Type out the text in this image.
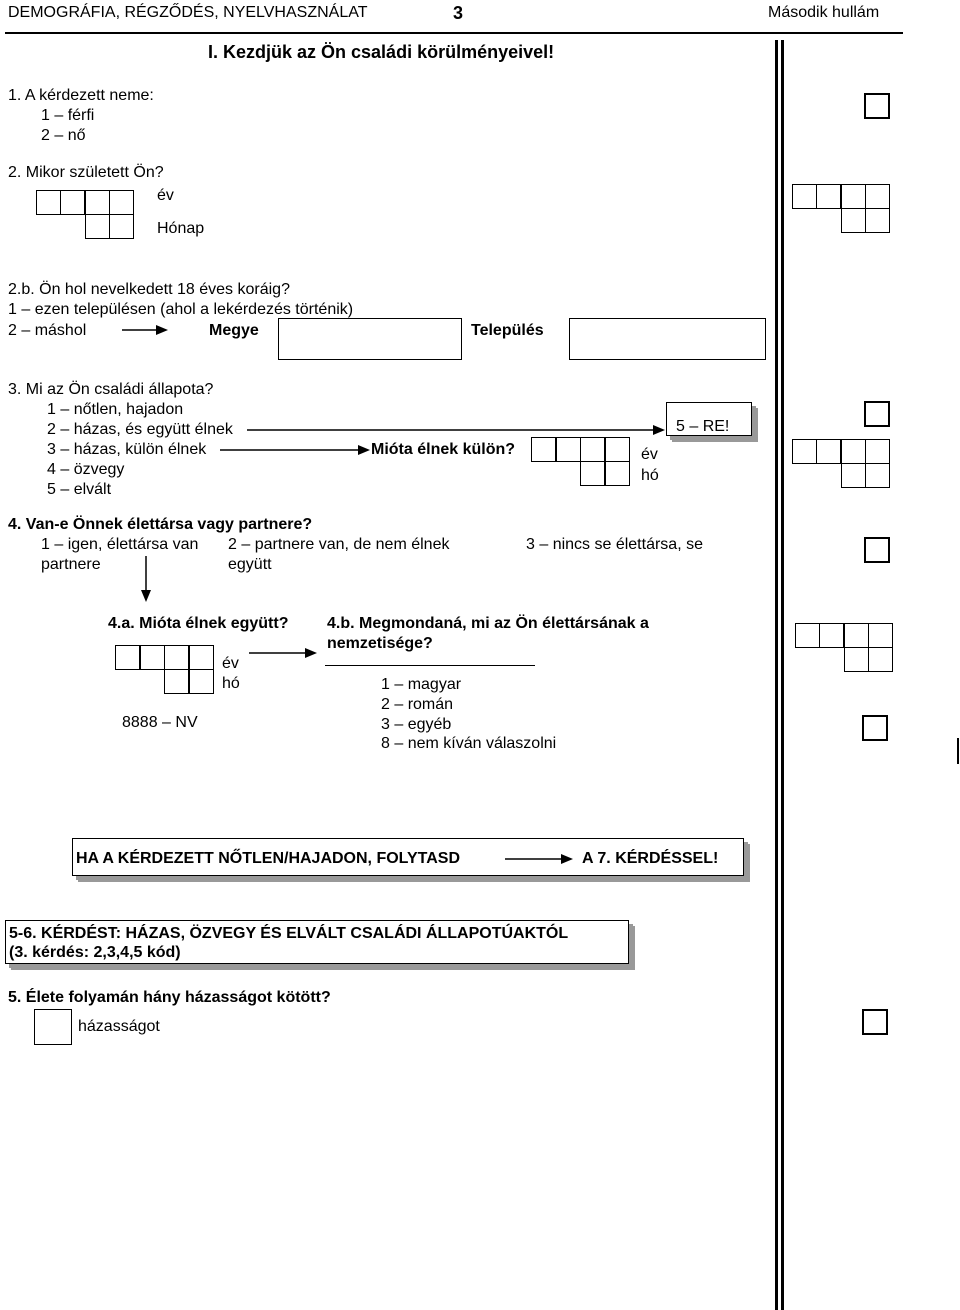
DEMOGRÁFIA, RÉGZŐDÉS, NYELVHASZNÁLAT	3	Második hullám
I. Kezdjük az Ön családi körülményeivel!
1. A kérdezett neme:
1 – férfi
2 – nő
2. Mikor született Ön?
év
Hónap
2.b. Ön hol nevelkedett 18 éves koráig?
1 – ezen településen (ahol a lekérdezés történik)
2 – máshol	Megye	Település
3. Mi az Ön családi állapota?
1 – nőtlen, hajadon
2 – házas, és együtt élnek
3 – házas, külön élnek
4 – özvegy
5 – elvált
Mióta élnek külön?	év
hó
5 – RE!
4. Van-e Önnek élettársa vagy partnere?
1 – igen, élettársa van
partnere
2 – partnere van, de nem élnek
együtt
3 – nincs se élettársa, se
4.a. Mióta élnek együtt?
év
hó
8888 – NV
4.b. Megmondaná, mi az Ön élettársának a
nemzetisége?
1 – magyar
2 – román
3 – egyéb
8 – nem kíván válaszolni
HA A KÉRDEZETT NŐTLEN/HAJADON, FOLYTASD	A 7. KÉRDÉSSEL!
5-6. KÉRDÉST: HÁZAS, ÖZVEGY ÉS ELVÁLT CSALÁDI ÁLLAPOTÚAKTÓL
(3. kérdés: 2,3,4,5 kód)
5. Élete folyamán hány házasságot kötött?
házasságot
